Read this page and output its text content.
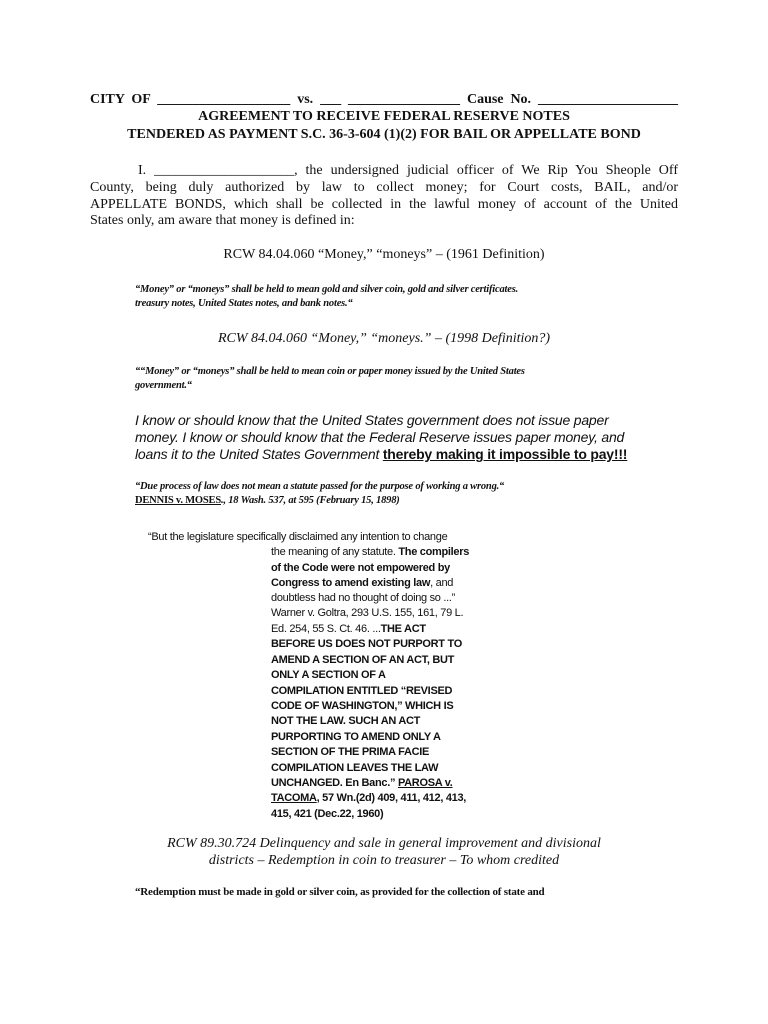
CITY OF ___________________ vs. ___ ________________ Cause No. ____________________

AGREEMENT TO RECEIVE FEDERAL RESERVE NOTES

TENDERED AS PAYMENT S.C. 36-3-604 (1)(2) FOR BAIL OR APPELLATE BOND

I. ____________________, the undersigned judicial officer of We Rip You Sheople Off

County, being duly authorized by law to collect money; for Court costs, BAIL, and/or

APPELLATE BONDS, which shall be collected in the lawful money of account of the United

States only, am aware that money is defined in:

RCW 84.04.060 “Money,” “moneys” – (1961 Definition)

“Money” or “moneys” shall be held to mean gold and silver coin, gold and silver certificates.

treasury notes, United States notes, and bank notes.“

RCW 84.04.060 “Money,” “moneys.” – (1998 Definition?)

““Money” or “moneys” shall be held to mean coin or paper money issued by the United States

government.“

I know or should know that the United States government does not issue paper

money. I know or should know that the Federal Reserve issues paper money, and

loans it to the United States Government thereby making it impossible to pay!!!

“Due process of law does not mean a statute passed for the purpose of working a wrong.“

DENNIS v. MOSES., 18 Wash. 537, at 595 (February 15, 1898)

“But the legislature specifically disclaimed any intention to change

the meaning of any statute. The compilers

of the Code were not empowered by

Congress to amend existing law, and

doubtless had no thought of doing so ...”

Warner v. Goltra, 293 U.S. 155, 161, 79 L.

Ed. 254, 55 S. Ct. 46. ...THE ACT

BEFORE US DOES NOT PURPORT TO

AMEND A SECTION OF AN ACT, BUT

ONLY A SECTION OF A

COMPILATION ENTITLED “REVISED

CODE OF WASHINGTON,” WHICH IS

NOT THE LAW. SUCH AN ACT

PURPORTING TO AMEND ONLY A

SECTION OF THE PRIMA FACIE

COMPILATION LEAVES THE LAW

UNCHANGED. En Banc.” PAROSA v.

TACOMA, 57 Wn.(2d) 409, 411, 412, 413,

415, 421 (Dec.22, 1960)

RCW 89.30.724 Delinquency and sale in general improvement and divisional

districts – Redemption in coin to treasurer – To whom credited

“Redemption must be made in gold or silver coin, as provided for the collection of state and
